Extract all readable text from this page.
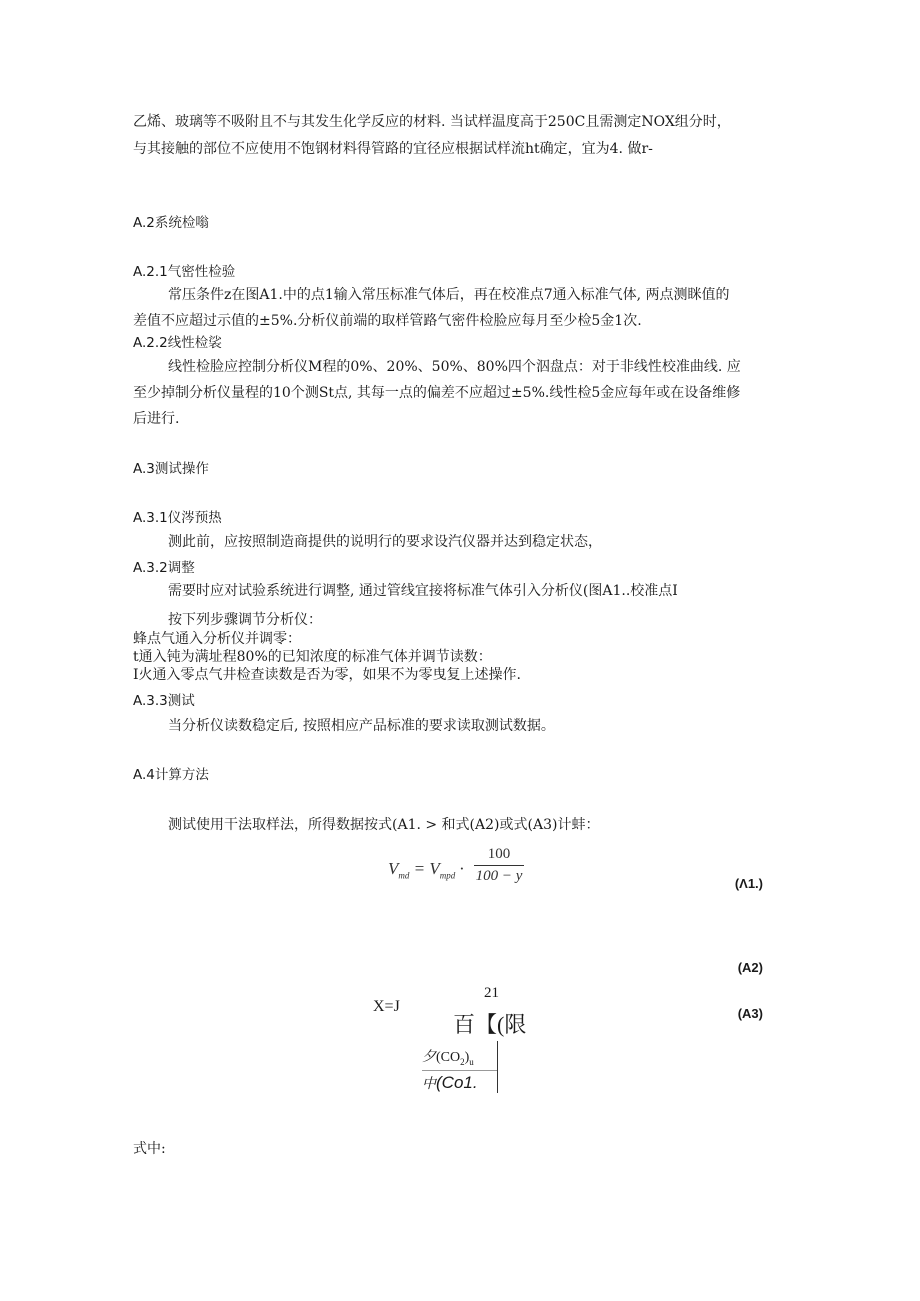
乙烯、玻璃等不吸附且不与其发生化学反应的材料. 当试样温度高于250C且需测定NOX组分时，
与其接触的部位不应使用不饱钢材料得管路的宜径应根据试样流ht确定，宜为4. 做r-
A.2系统检嗡
A.2.1气密性检验
常压条件z在图A1.中的点1输入常压标准气体后，再在校准点7通入标准气体, 两点测眯值的
差值不应超过示值的±5%.分析仪前端的取样管路气密件检脸应每月至少检5金1次.
A.2.2线性检裟
线性检脸应控制分析仪M程的0%、20%、50%、80%四个泅盘点：对于非线性校准曲线. 应
至少掉制分析仪量程的10个测St点, 其每一点的偏差不应超过±5%.线性检5金应每年或在设备维修
后进行.
A.3测试操作
A.3.1仪涔预热
测此前，应按照制造商提供的说明行的要求设汽仪器并达到稳定状态，
A.3.2调整
需要时应对试验系统进行调整, 通过管线宜接将标准气体引入分析仪(图A1..校准点I
按下列步骤调节分析仪：
蜂点气通入分析仪并调零：
t通入钝为满址程80%的已知浓度的标准气体并调节读数：
I火通入零点气井检查读数是否为零，如果不为零曳复上述操作.
A.3.3测试
当分析仪读数稳定后, 按照相应产品标准的要求读取测试数据。
A.4计算方法
测试使用干法取样法，所得数据按式(A1. > 和式(A2)或式(A3)计蚌：
$V_{md} = V_{mpd} \cdot \frac{100}{100 - y}$	(Λ1.)
(A2)
X=J
21
百【(限	(A3)
夕$(CO_2)_u$
中(Co1.
式中:
